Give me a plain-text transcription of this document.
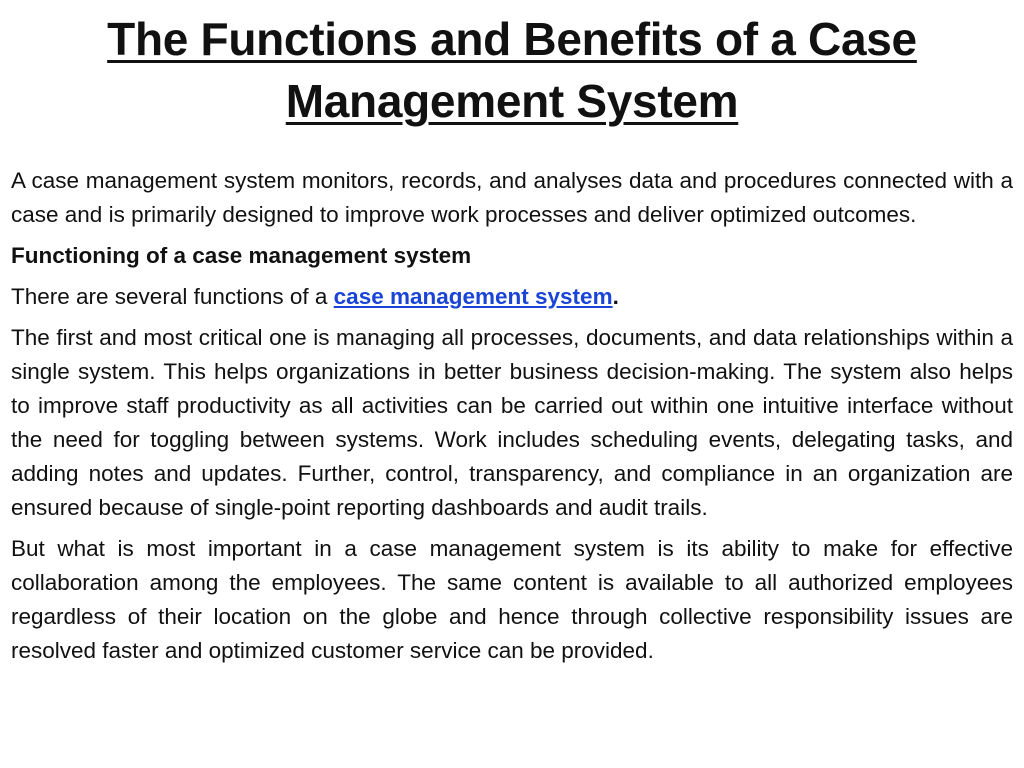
The Functions and Benefits of a Case Management System

A case management system monitors, records, and analyses data and procedures connected with a case and is primarily designed to improve work processes and deliver optimized outcomes.

Functioning of a case management system

There are several functions of a case management system.

The first and most critical one is managing all processes, documents, and data relationships within a single system. This helps organizations in better business decision-making. The system also helps to improve staff productivity as all activities can be carried out within one intuitive interface without the need for toggling between systems. Work includes scheduling events, delegating tasks, and adding notes and updates. Further, control, transparency, and compliance in an organization are ensured because of single-point reporting dashboards and audit trails.

But what is most important in a case management system is its ability to make for effective collaboration among the employees. The same content is available to all authorized employees regardless of their location on the globe and hence through collective responsibility issues are resolved faster and optimized customer service can be provided.
